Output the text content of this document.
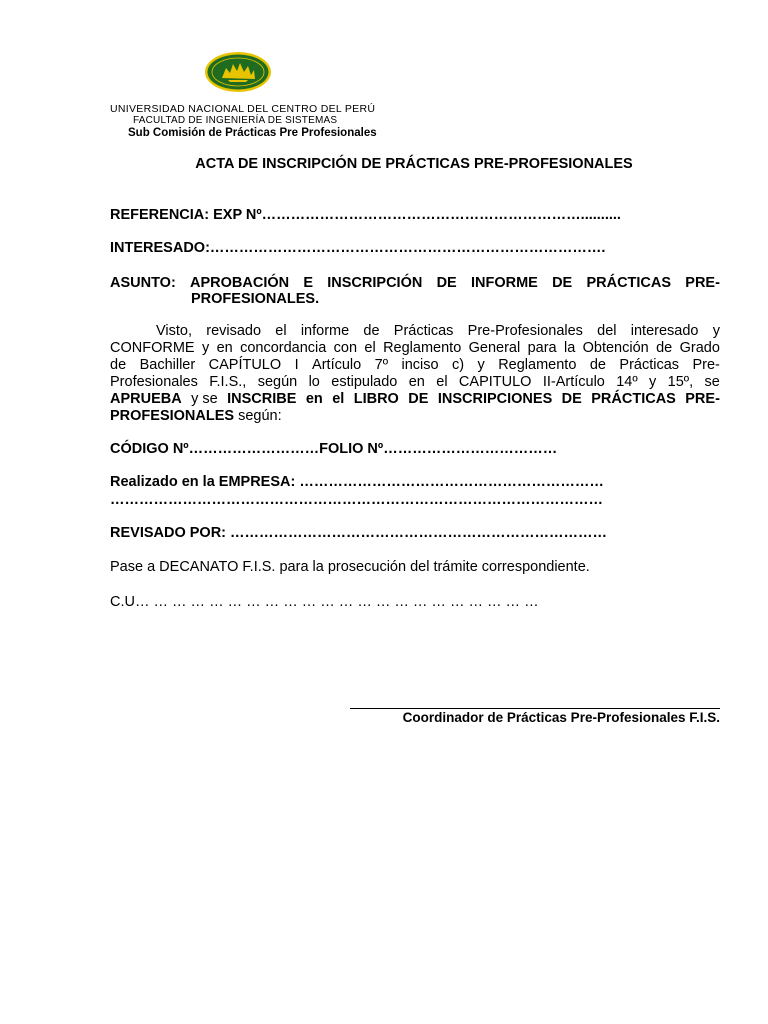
UNIVERSIDAD NACIONAL DEL CENTRO DEL PERÚ
FACULTAD DE INGENIERÍA DE SISTEMAS
Sub Comisión de Prácticas Pre Profesionales
ACTA DE INSCRIPCIÓN DE PRÁCTICAS PRE-PROFESIONALES
REFERENCIA: EXP Nº…………………………………………………………..........
INTERESADO:……………………………………………………………………….
ASUNTO: APROBACIÓN E INSCRIPCIÓN DE INFORME DE PRÁCTICAS PRE-
PROFESIONALES.
Visto, revisado el informe de Prácticas Pre-Profesionales del interesado y
CONFORME y en concordancia con el Reglamento General para la Obtención de Grado
de Bachiller CAPÍTULO I Artículo 7º inciso c) y Reglamento de Prácticas Pre-
Profesionales F.I.S., según lo estipulado en el CAPITULO II-Artículo 14º y 15º, se
APRUEBA y se INSCRIBE en el LIBRO DE INSCRIPCIONES DE PRÁCTICAS PRE-
PROFESIONALES según:
CÓDIGO Nº………………………FOLIO Nº………………………………
Realizado en la EMPRESA: ………………………………………………………
…………………………………………………………………………………………
REVISADO POR: ……………………………………………………………………
Pase a DECANATO F.I.S. para la prosecución del trámite correspondiente.
C.U… … … … … … … … … … … … … … … … … … … … … …
Coordinador de Prácticas Pre-Profesionales F.I.S.
